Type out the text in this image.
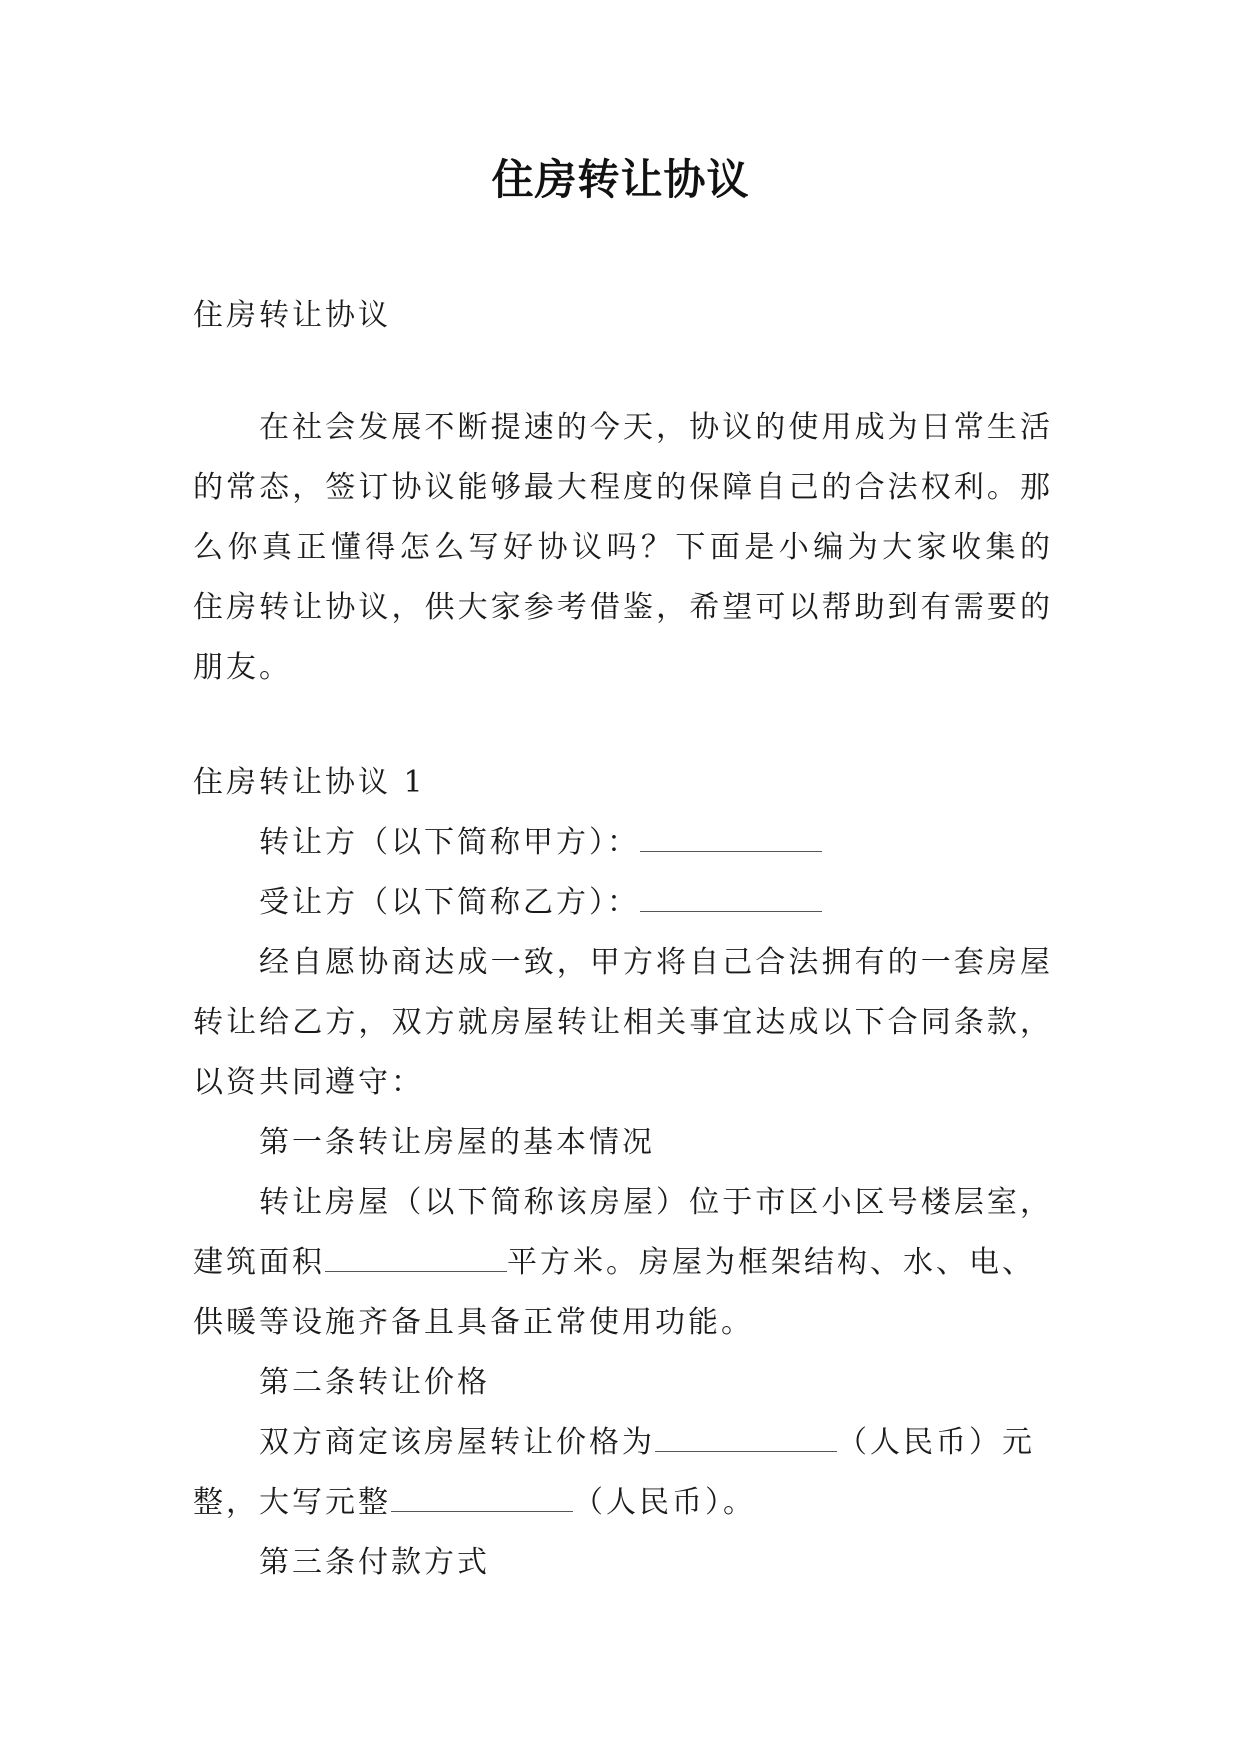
住房转让协议
住房转让协议
在社会发展不断提速的今天，协议的使用成为日常生活
的常态，签订协议能够最大程度的保障自己的合法权利。那
么你真正懂得怎么写好协议吗？下面是小编为大家收集的
住房转让协议，供大家参考借鉴，希望可以帮助到有需要的
朋友。
住房转让协议 1
转让方（以下简称甲方）：
受让方（以下简称乙方）：
经自愿协商达成一致，甲方将自己合法拥有的一套房屋
转让给乙方，双方就房屋转让相关事宜达成以下合同条款，
以资共同遵守：
第一条转让房屋的基本情况
转让房屋（以下简称该房屋）位于市区小区号楼层室，
建筑面积	平方米。房屋为框架结构、水、电、
供暖等设施齐备且具备正常使用功能。
第二条转让价格
双方商定该房屋转让价格为	（人民币）元
整，大写元整	（人民币）。
第三条付款方式
